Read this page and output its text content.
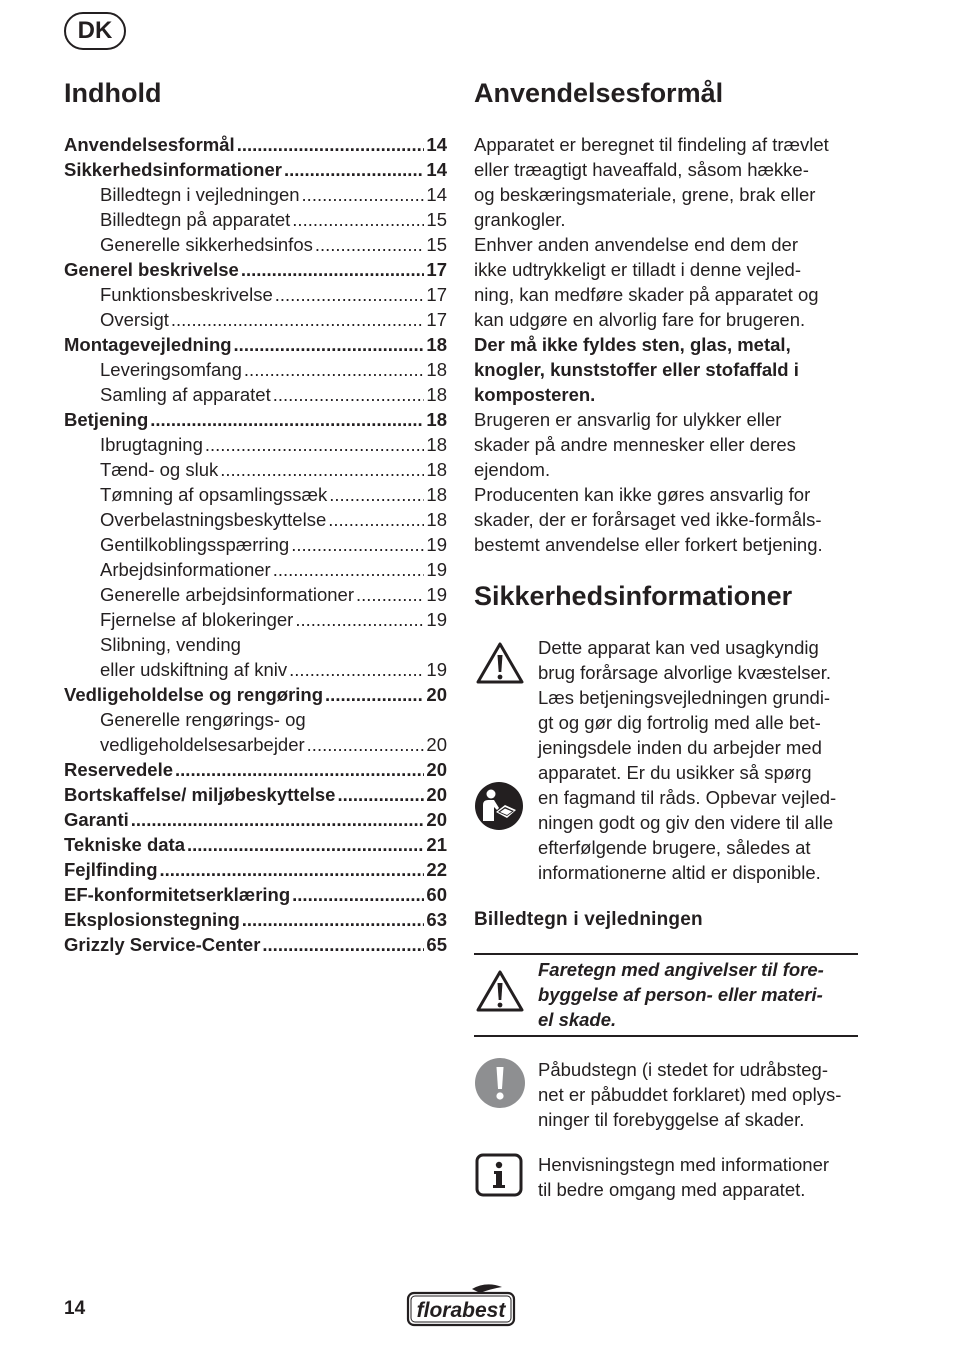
DK
Indhold
Anvendelsesformål .....	14
Sikkerhedsinformationer .....	14
Billedtegn i vejledningen .....	14
Billedtegn på apparatet .....	15
Generelle sikkerhedsinfos .....	15
Generel beskrivelse .....	17
Funktionsbeskrivelse .....	17
Oversigt .....	17
Montagevejledning .....	18
Leveringsomfang .....	18
Samling af apparatet .....	18
Betjening .....	18
Ibrugtagning .....	18
Tænd- og sluk .....	18
Tømning af opsamlingssæk .....	18
Overbelastningsbeskyttelse .....	18
Gentilkoblingsspærring .....	19
Arbejdsinformationer .....	19
Generelle arbejdsinformationer .....	19
Fjernelse af blokeringer .....	19
Slibning, vending
eller udskiftning af kniv .....	19
Vedligeholdelse og rengøring .....	20
Generelle rengørings- og
vedligeholdelsesarbejder .....	20
Reservedele .....	20
Bortskaffelse/ miljøbeskyttelse .....	20
Garanti .....	20
Tekniske data .....	21
Fejlfinding .....	22
EF-konformitetserklæring .....	60
Eksplosionstegning .....	63
Grizzly Service-Center .....	65
Anvendelsesformål
Apparatet er beregnet til findeling af trævlet
eller træagtigt haveaffald, såsom hække-
og beskæringsmateriale, grene, brak eller
grankogler.
Enhver anden anvendelse end dem der
ikke udtrykkeligt er tilladt i denne vejled-
ning, kan medføre skader på apparatet og
kan udgøre en alvorlig fare for brugeren.
Der må ikke fyldes sten, glas, metal,
knogler, kunststoffer eller stofaffald i
komposteren.
Brugeren er ansvarlig for ulykker eller
skader på andre mennesker eller deres
ejendom.
Producenten kan ikke gøres ansvarlig for
skader, der er forårsaget ved ikke-formåls-
bestemt anvendelse eller forkert betjening.
Sikkerhedsinformationer
Dette apparat kan ved usagkyndig
brug forårsage alvorlige kvæstelser.
Læs betjeningsvejledningen grundi-
gt og gør dig fortrolig med alle bet-
jeningsdele inden du arbejder med
apparatet. Er du usikker så spørg
en fagmand til råds. Opbevar vejled-
ningen godt og giv den videre til alle
efterfølgende brugere, således at
informationerne altid er disponible.
Billedtegn i vejledningen
Faretegn med angivelser til fore-
byggelse af person- eller materi-
el skade.
Påbudstegn (i stedet for udråbsteg-
net er påbuddet forklaret) med oplys-
ninger til forebyggelse af skader.
Henvisningstegn med informationer
til bedre omgang med apparatet.
14	florabest
